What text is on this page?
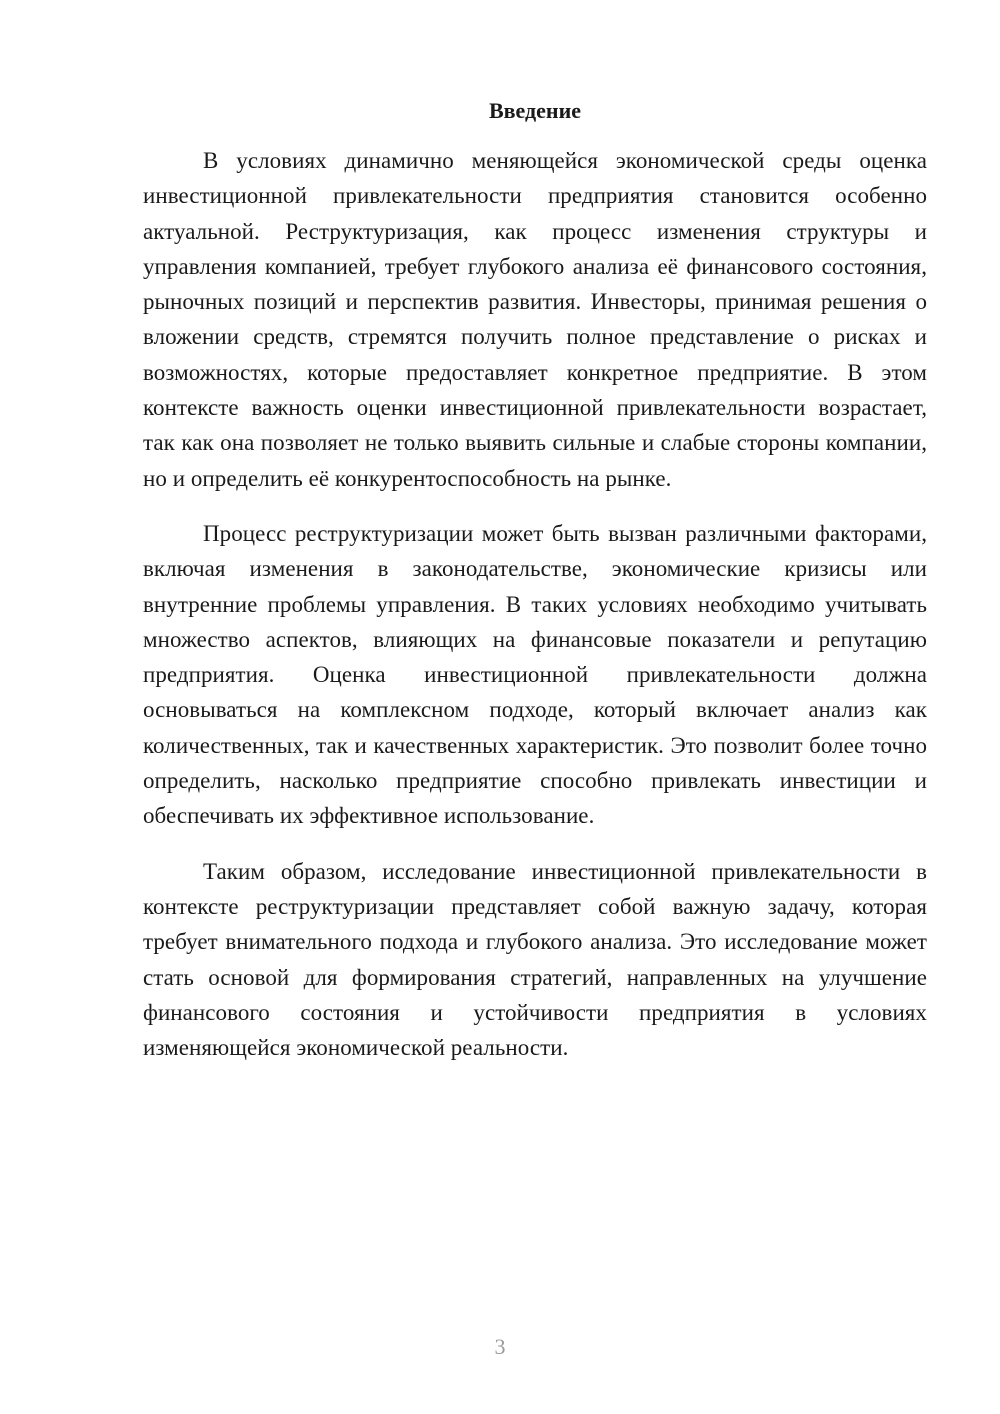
Введение

В условиях динамично меняющейся экономической среды оценка инвестиционной привлекательности предприятия становится особенно актуальной. Реструктуризация, как процесс изменения структуры и управления компанией, требует глубокого анализа её финансового состояния, рыночных позиций и перспектив развития. Инвесторы, принимая решения о вложении средств, стремятся получить полное представление о рисках и возможностях, которые предоставляет конкретное предприятие. В этом контексте важность оценки инвестиционной привлекательности возрастает, так как она позволяет не только выявить сильные и слабые стороны компании, но и определить её конкурентоспособность на рынке.

Процесс реструктуризации может быть вызван различными факторами, включая изменения в законодательстве, экономические кризисы или внутренние проблемы управления. В таких условиях необходимо учитывать множество аспектов, влияющих на финансовые показатели и репутацию предприятия. Оценка инвестиционной привлекательности должна основываться на комплексном подходе, который включает анализ как количественных, так и качественных характеристик. Это позволит более точно определить, насколько предприятие способно привлекать инвестиции и обеспечивать их эффективное использование.

Таким образом, исследование инвестиционной привлекательности в контексте реструктуризации представляет собой важную задачу, которая требует внимательного подхода и глубокого анализа. Это исследование может стать основой для формирования стратегий, направленных на улучшение финансового состояния и устойчивости предприятия в условиях изменяющейся экономической реальности.

3
